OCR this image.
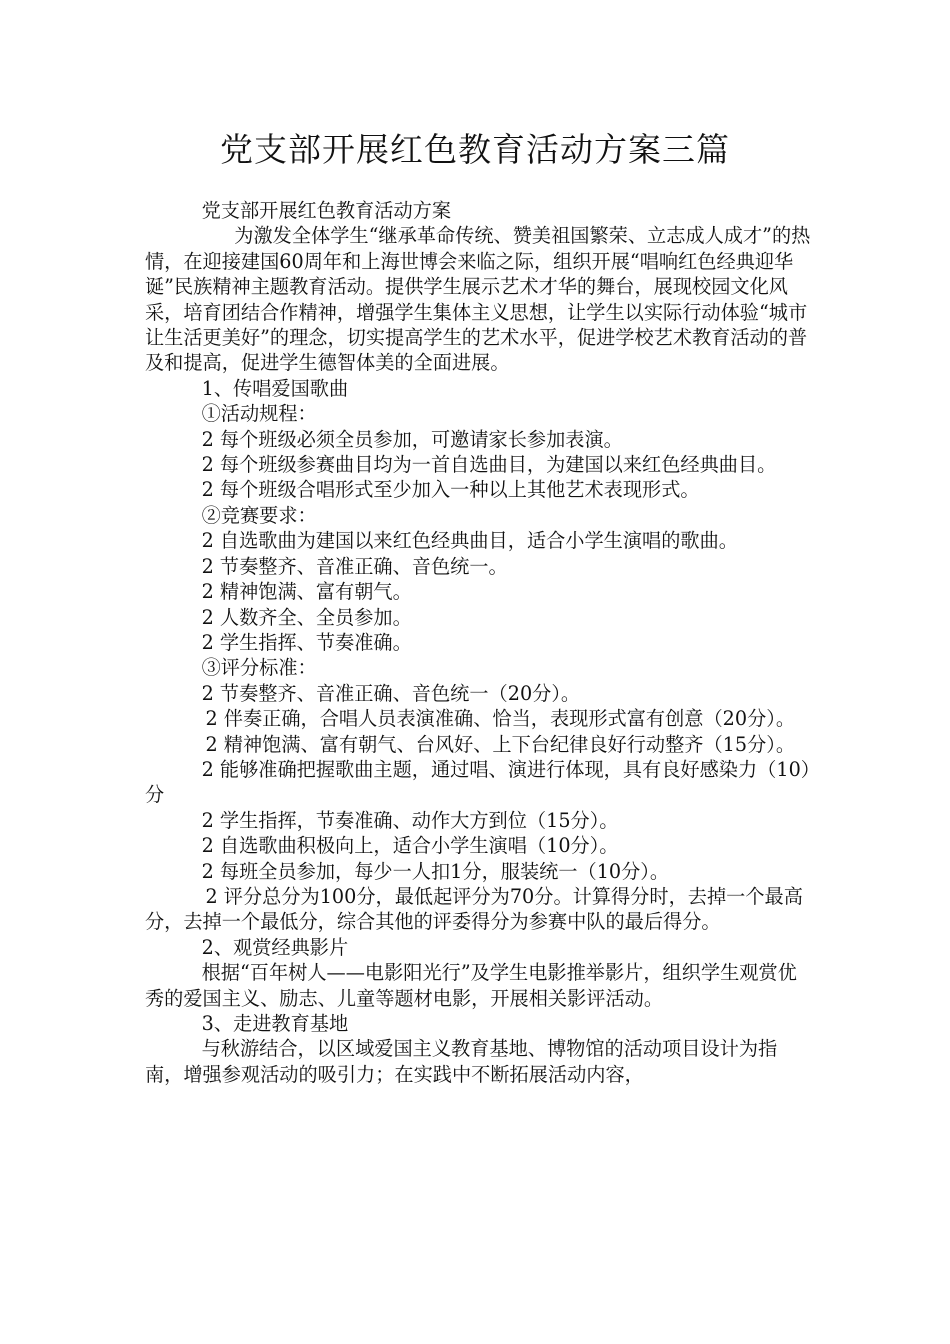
党支部开展红色教育活动方案三篇

党支部开展红色教育活动方案

为激发全体学生“继承革命传统、赞美祖国繁荣、立志成人成才”的热情，在迎接建国60周年和上海世博会来临之际，组织开展“唱响红色经典迎华诞”民族精神主题教育活动。提供学生展示艺术才华的舞台，展现校园文化风采，培育团结合作精神，增强学生集体主义思想，让学生以实际行动体验“城市让生活更美好”的理念，切实提高学生的艺术水平，促进学校艺术教育活动的普及和提高，促进学生德智体美的全面进展。

1、传唱爱国歌曲

①活动规程：

2 每个班级必须全员参加，可邀请家长参加表演。

2 每个班级参赛曲目均为一首自选曲目，为建国以来红色经典曲目。

2 每个班级合唱形式至少加入一种以上其他艺术表现形式。

②竞赛要求：

2 自选歌曲为建国以来红色经典曲目，适合小学生演唱的歌曲。

2 节奏整齐、音准正确、音色统一。

2 精神饱满、富有朝气。

2 人数齐全、全员参加。

2 学生指挥、节奏准确。

③评分标准：

2 节奏整齐、音准正确、音色统一（20分）。

2 伴奏正确，合唱人员表演准确、恰当，表现形式富有创意（20分）。

2 精神饱满、富有朝气、台风好、上下台纪律良好行动整齐（15分）。

2 能够准确把握歌曲主题，通过唱、演进行体现，具有良好感染力（10）分

2 学生指挥，节奏准确、动作大方到位（15分）。

2 自选歌曲积极向上，适合小学生演唱（10分）。

2 每班全员参加，每少一人扣1分，服装统一（10分）。

2 评分总分为100分，最低起评分为70分。计算得分时，去掉一个最高分，去掉一个最低分，综合其他的评委得分为参赛中队的最后得分。

2、观赏经典影片

根据“百年树人——电影阳光行”及学生电影推举影片，组织学生观赏优秀的爱国主义、励志、儿童等题材电影，开展相关影评活动。

3、走进教育基地

与秋游结合，以区域爱国主义教育基地、博物馆的活动项目设计为指南，增强参观活动的吸引力；在实践中不断拓展活动内容，
